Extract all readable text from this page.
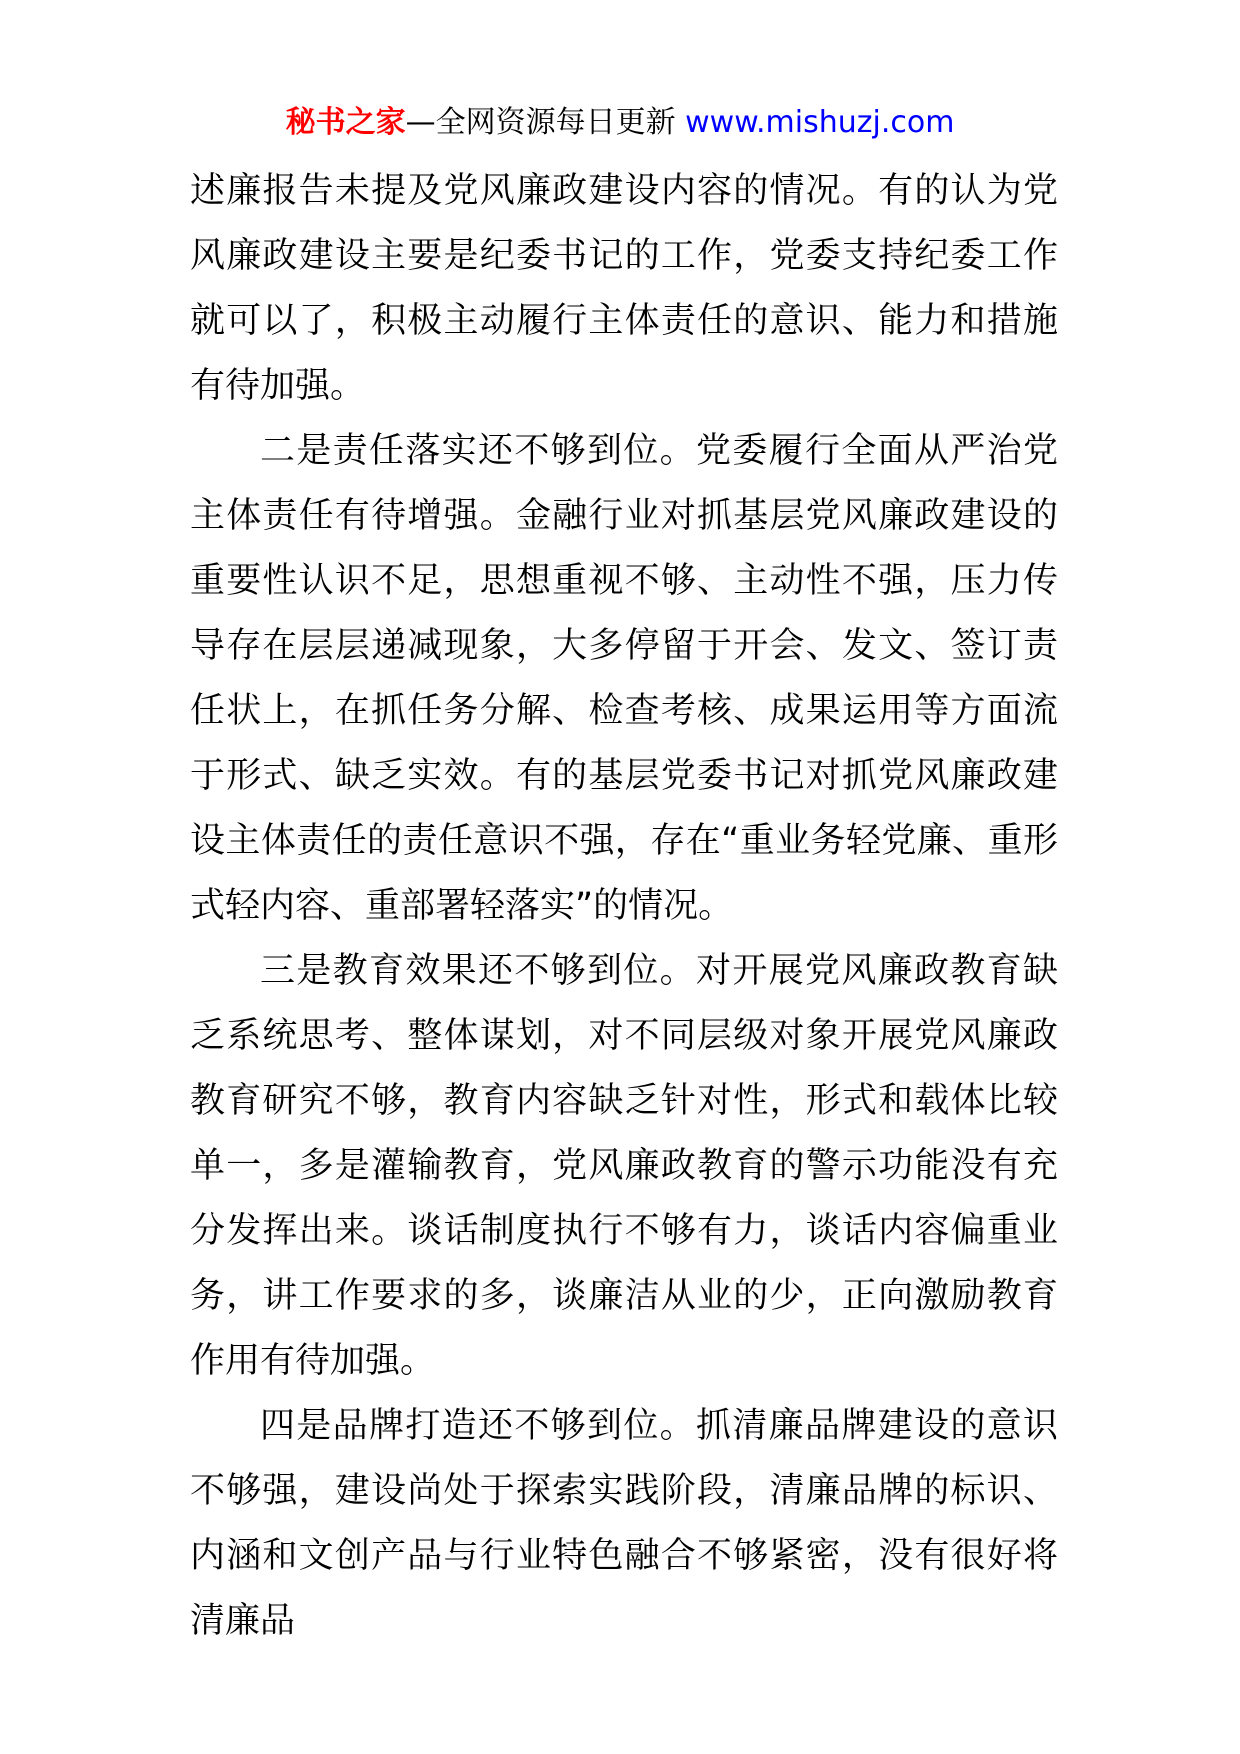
秘书之家—全网资源每日更新 www.mishuzj.com

述廉报告未提及党风廉政建设内容的情况。有的认为党风廉政建设主要是纪委书记的工作，党委支持纪委工作就可以了，积极主动履行主体责任的意识、能力和措施有待加强。

二是责任落实还不够到位。党委履行全面从严治党主体责任有待增强。金融行业对抓基层党风廉政建设的重要性认识不足，思想重视不够、主动性不强，压力传导存在层层递减现象，大多停留于开会、发文、签订责任状上，在抓任务分解、检查考核、成果运用等方面流于形式、缺乏实效。有的基层党委书记对抓党风廉政建设主体责任的责任意识不强，存在“重业务轻党廉、重形式轻内容、重部署轻落实”的情况。

三是教育效果还不够到位。对开展党风廉政教育缺乏系统思考、整体谋划，对不同层级对象开展党风廉政教育研究不够，教育内容缺乏针对性，形式和载体比较单一，多是灌输教育，党风廉政教育的警示功能没有充分发挥出来。谈话制度执行不够有力，谈话内容偏重业务，讲工作要求的多，谈廉洁从业的少，正向激励教育作用有待加强。

四是品牌打造还不够到位。抓清廉品牌建设的意识不够强，建设尚处于探索实践阶段，清廉品牌的标识、内涵和文创产品与行业特色融合不够紧密，没有很好将清廉品
